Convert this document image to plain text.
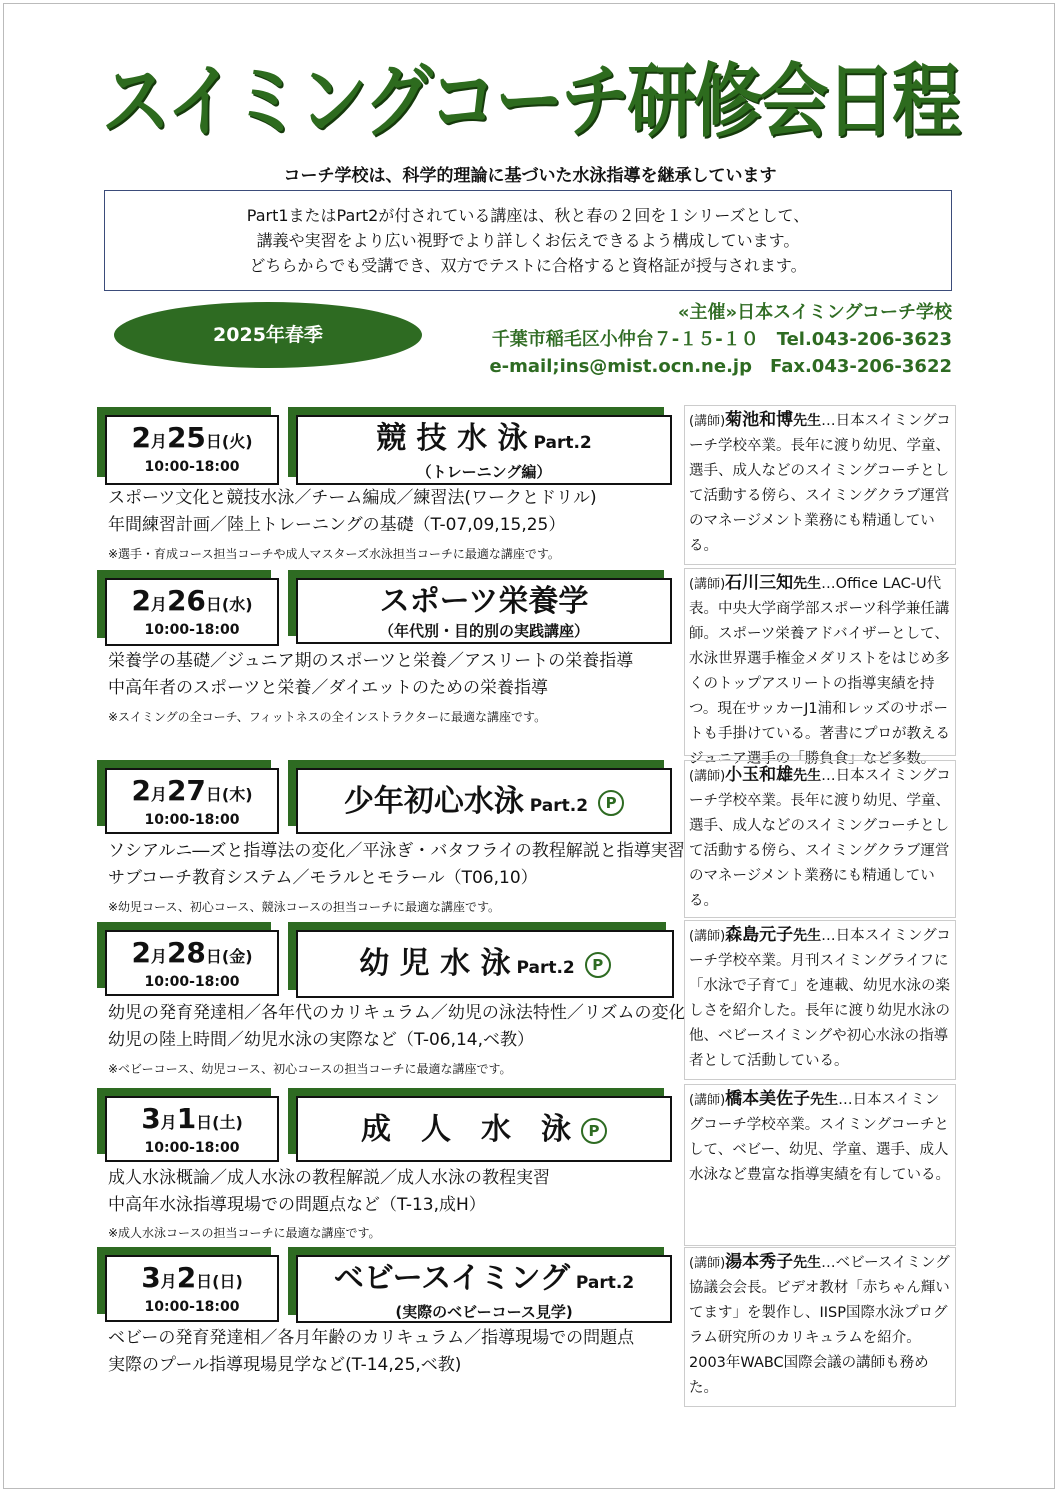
スイミングコーチ研修会日程
コーチ学校は、科学的理論に基づいた水泳指導を継承しています
Part1またはPart2が付されている講座は、秋と春の２回を１シリーズとして、
講義や実習をより広い視野でより詳しくお伝えできるよう構成しています。
どちらからでも受講でき、双方でテストに合格すると資格証が授与されます。
2025年春季
«主催»日本スイミングコーチ学校
千葉市稲毛区小仲台７-１５-１０　Tel.043-206-3623
e-mail;ins@mist.ocn.ne.jp　Fax.043-206-3622
2月25日(火)
10:00-18:00
競 技 水 泳 Part.2
（トレーニング編）
スポーツ文化と競技水泳／チーム編成／練習法(ワークとドリル)
年間練習計画／陸上トレーニングの基礎（T-07,09,15,25）
※選手・育成コース担当コーチや成人マスターズ水泳担当コーチに最適な講座です。
(講師)菊池和博先生…日本スイミングコーチ学校卒業。長年に渡り幼児、学童、選手、成人などのスイミングコーチとして活動する傍ら、スイミングクラブ運営のマネージメント業務にも精通している。
2月26日(水)
10:00-18:00
スポーツ栄養学
（年代別・目的別の実践講座）
栄養学の基礎／ジュニア期のスポーツと栄養／アスリートの栄養指導
中高年者のスポーツと栄養／ダイエットのための栄養指導
※スイミングの全コーチ、フィットネスの全インストラクターに最適な講座です。
(講師)石川三知先生…Office LAC-U代表。中央大学商学部スポーツ科学兼任講師。スポーツ栄養アドバイザーとして、水泳世界選手権金メダリストをはじめ多くのトップアスリートの指導実績を持つ。現在サッカーJ1浦和レッズのサポートも手掛けている。著書にプロが教えるジュニア選手の「勝負食」など多数。
2月27日(木)
10:00-18:00
少年初心水泳 Part.2 P
ソシアルニ―ズと指導法の変化／平泳ぎ・バタフライの教程解説と指導実習
サブコーチ教育システム／モラルとモラール（T06,10）
※幼児コース、初心コース、競泳コースの担当コーチに最適な講座です。
(講師)小玉和雄先生…日本スイミングコーチ学校卒業。長年に渡り幼児、学童、選手、成人などのスイミングコーチとして活動する傍ら、スイミングクラブ運営のマネージメント業務にも精通している。
2月28日(金)
10:00-18:00
幼 児 水 泳 Part.2 P
幼児の発育発達相／各年代のカリキュラム／幼児の泳法特性／リズムの変化
幼児の陸上時間／幼児水泳の実際など（T-06,14,ベ教）
※ベビーコース、幼児コース、初心コースの担当コーチに最適な講座です。
(講師)森島元子先生…日本スイミングコーチ学校卒業。月刊スイミングライフに「水泳で子育て」を連載、幼児水泳の楽しさを紹介した。長年に渡り幼児水泳の他、ベビースイミングや初心水泳の指導者として活動している。
3月1日(土)
10:00-18:00
成　人　水　泳 P
成人水泳概論／成人水泳の教程解説／成人水泳の教程実習
中高年水泳指導現場での問題点など（T-13,成H）
※成人水泳コースの担当コーチに最適な講座です。
(講師)橋本美佐子先生…日本スイミングコーチ学校卒業。スイミングコーチとして、ベビー、幼児、学童、選手、成人水泳など豊富な指導実績を有している。
3月2日(日)
10:00-18:00
ベビースイミング Part.2
(実際のベビーコース見学)
ベビーの発育発達相／各月年齢のカリキュラム／指導現場での問題点
実際のプール指導現場見学など(T-14,25,ベ教)
(講師)湯本秀子先生…ベビースイミング協議会会長。ビデオ教材「赤ちゃん輝いてます」を製作し、IISP国際水泳プログラム研究所のカリキュラムを紹介。2003年WABC国際会議の講師も務めた。
